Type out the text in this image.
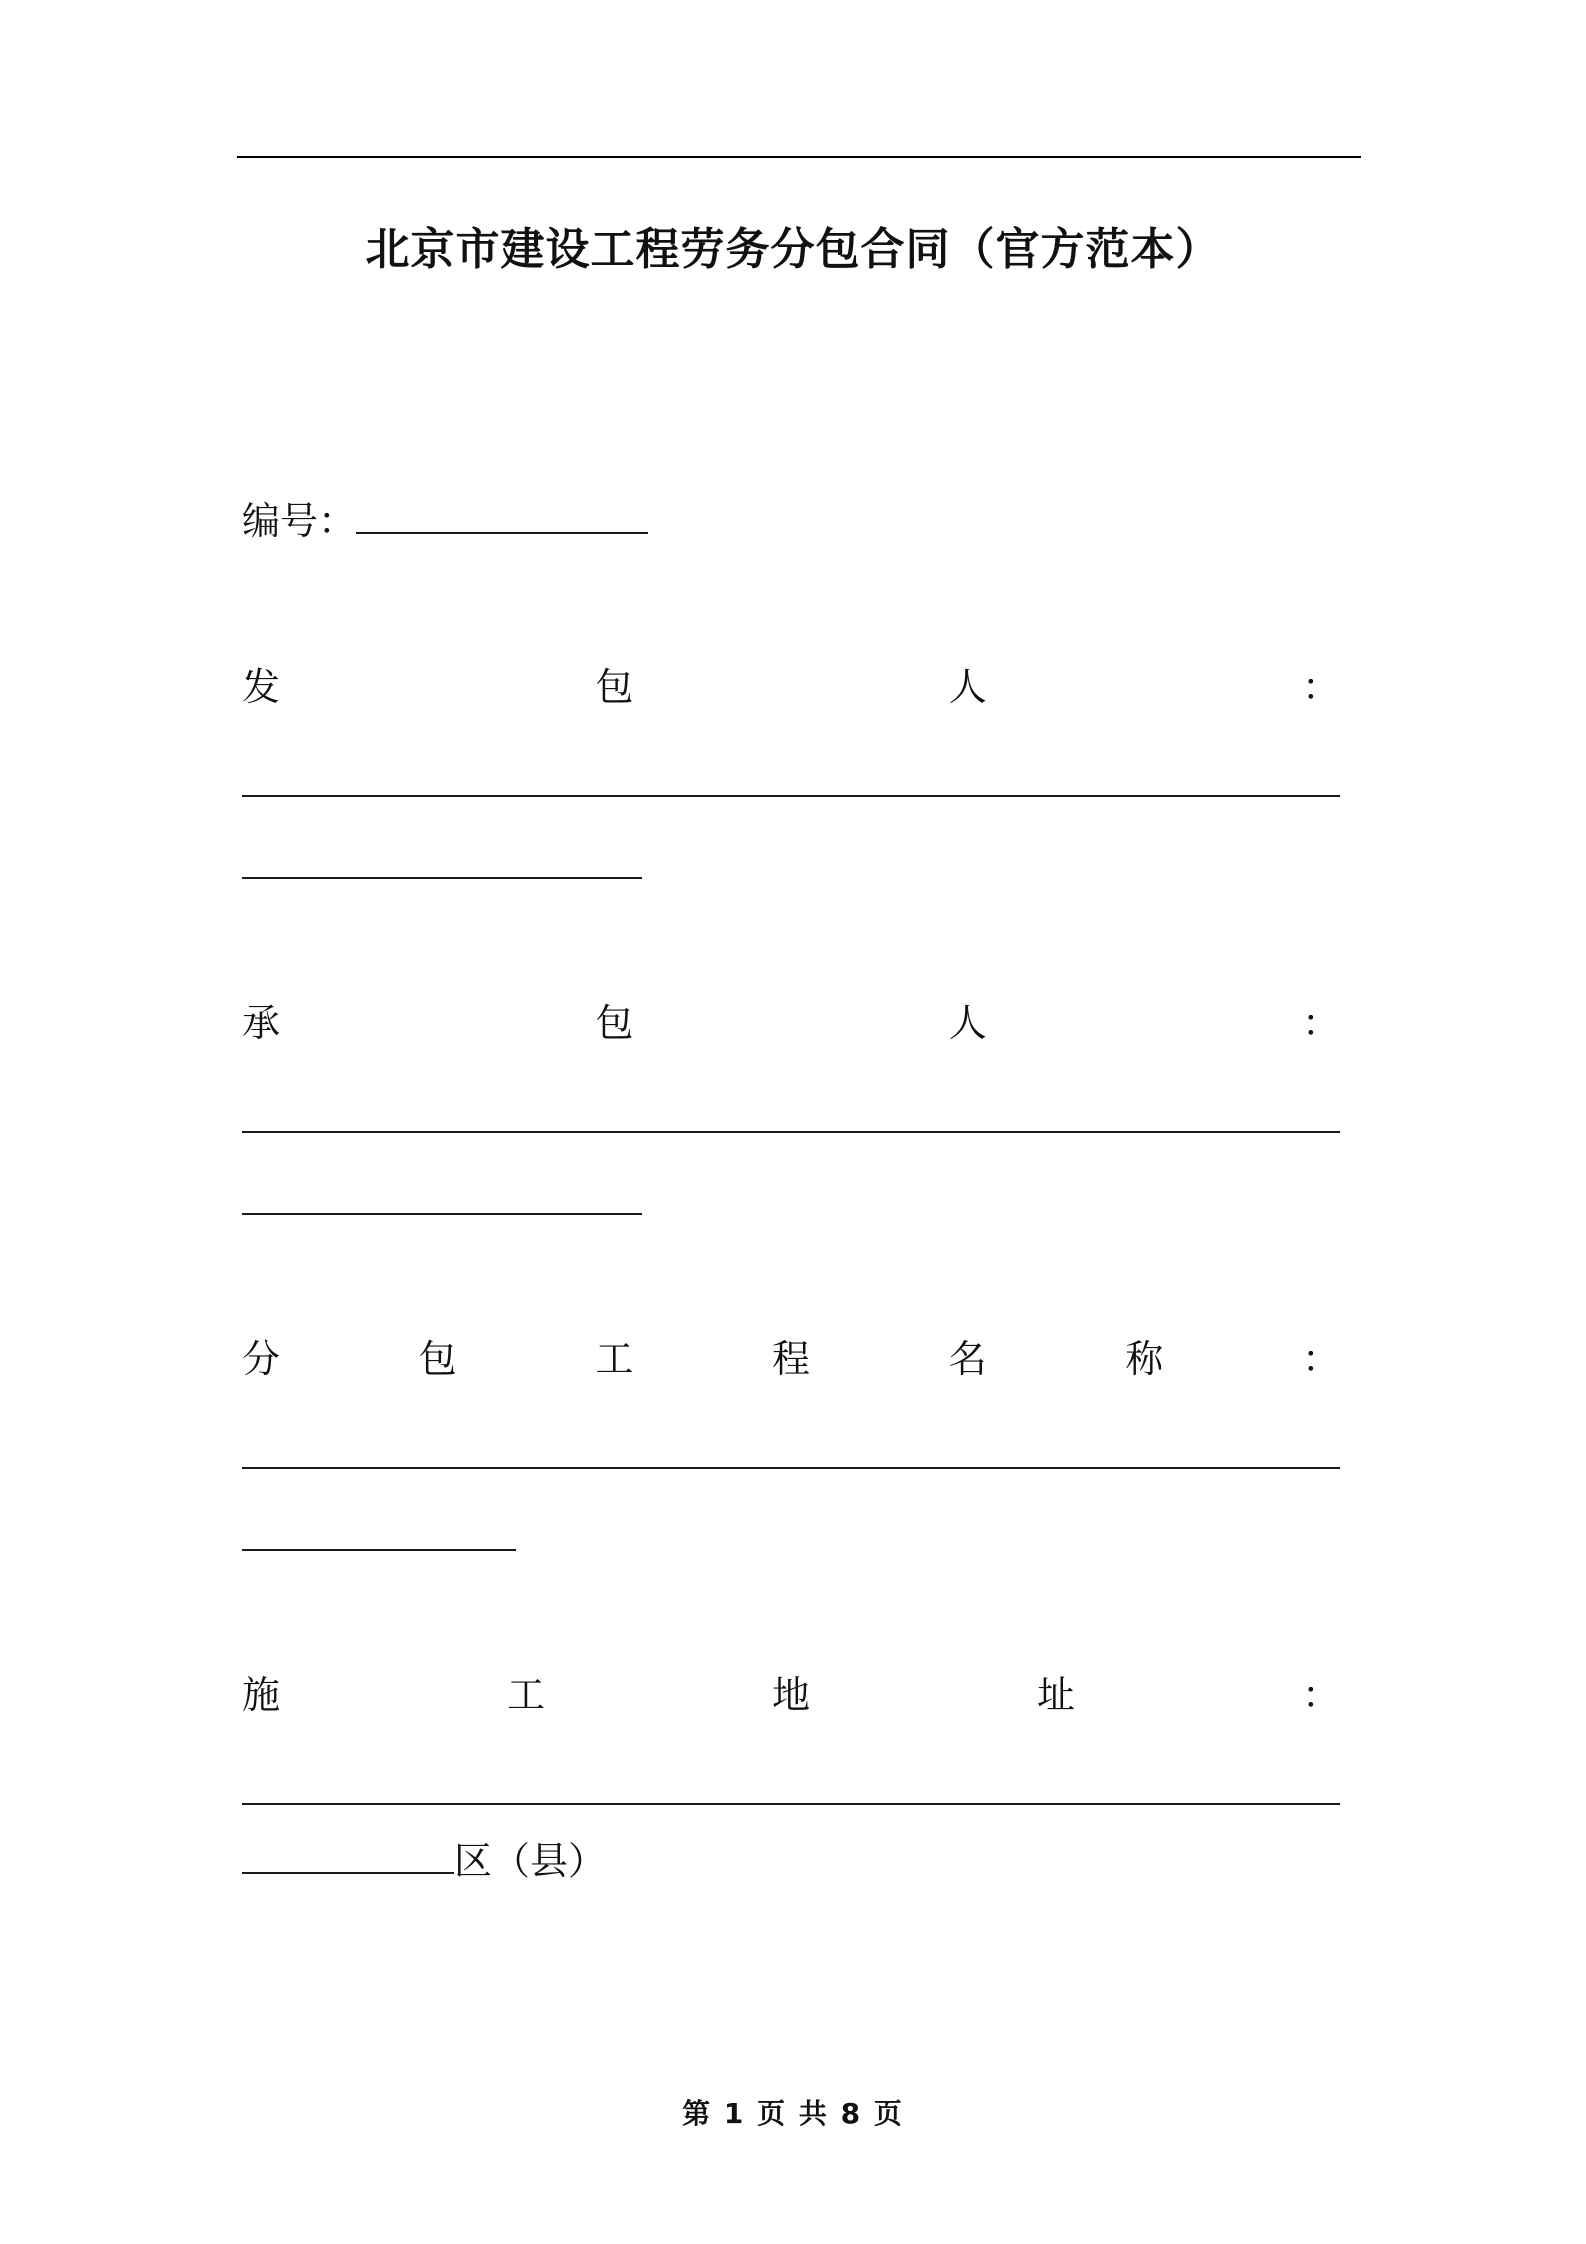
北京市建设工程劳务分包合同（官方范本）
编号：
发	包	人	：
承	包	人	：
分	包	工	程	名	称	：
施	工	地	址	：
区（县）
第 1 页 共 8 页
